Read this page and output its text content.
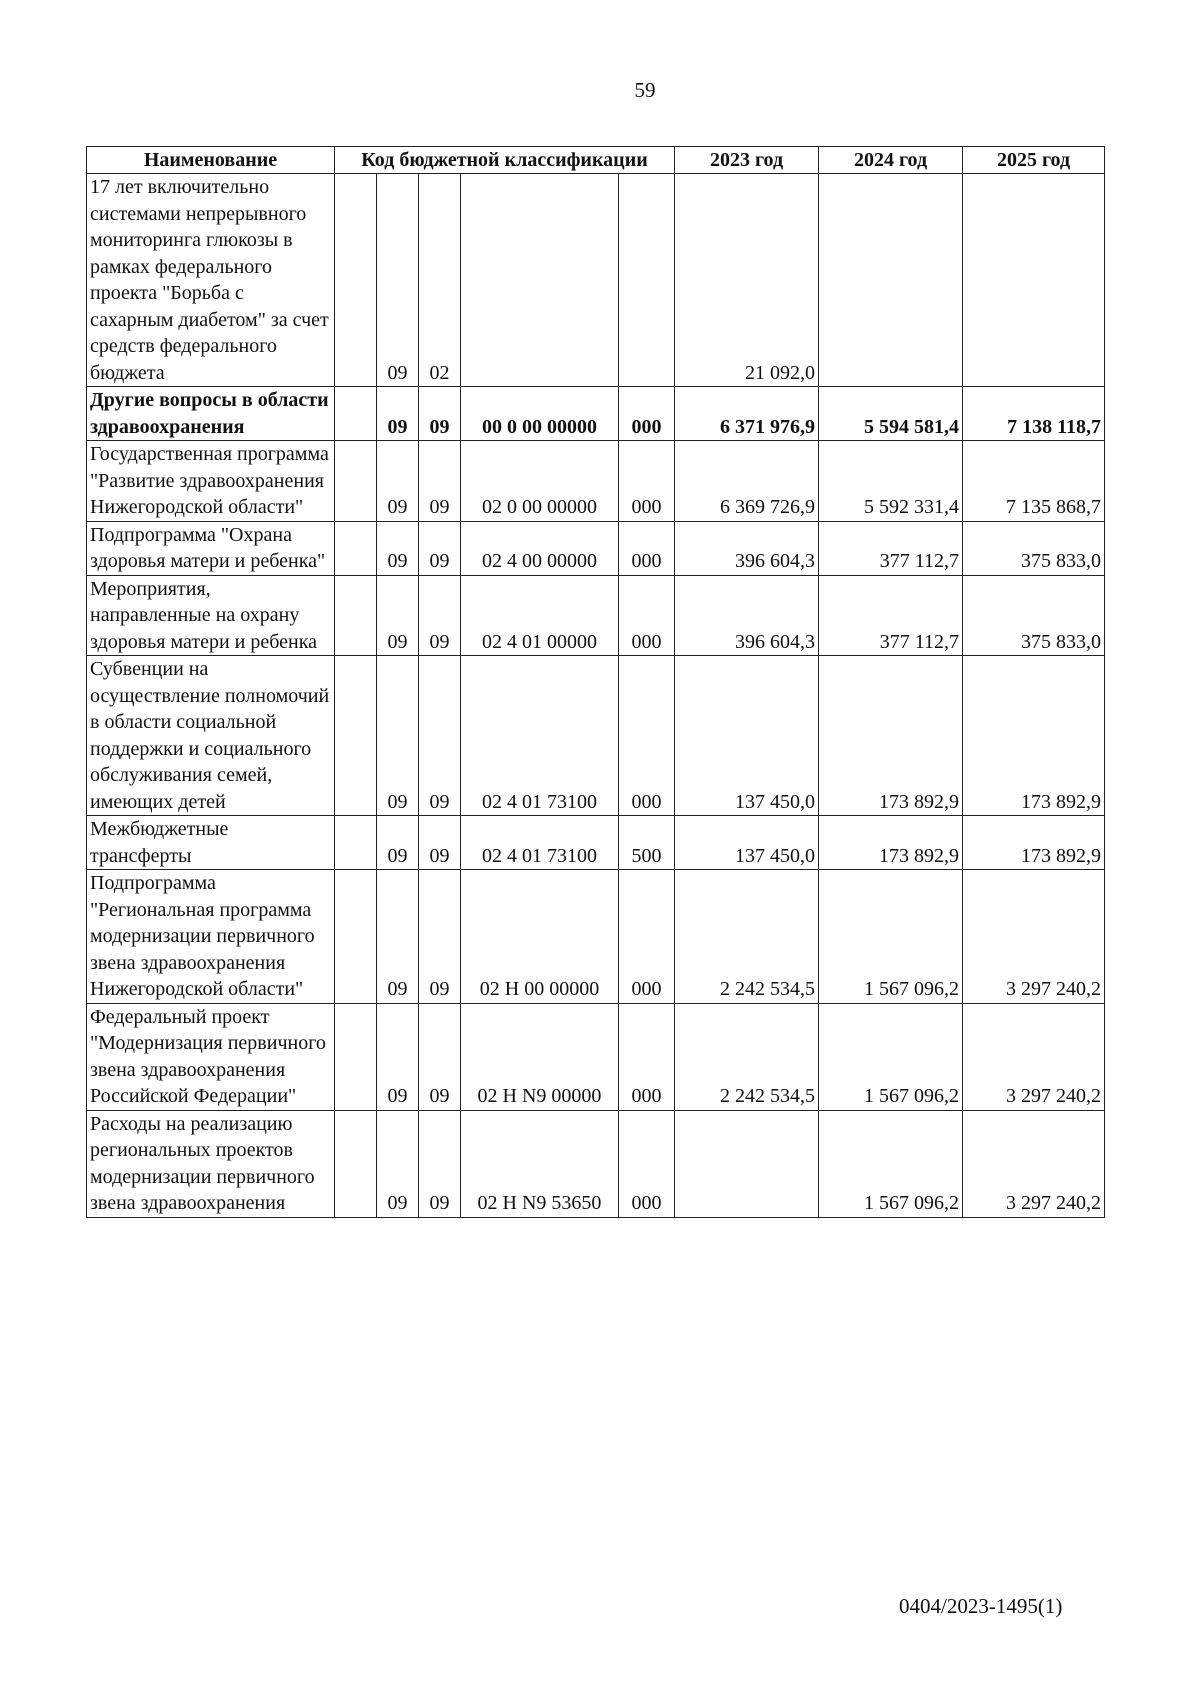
59
Наименование	Код бюджетной классификации					2023 год	2024 год	2025 год
17 лет включительно системами непрерывного мониторинга глюкозы в рамках федерального проекта "Борьба с сахарным диабетом" за счет средств федерального бюджета		09	02			21 092,0		
Другие вопросы в области здравоохранения		09	09	00 0 00 00000	000	6 371 976,9	5 594 581,4	7 138 118,7
Государственная программа "Развитие здравоохранения Нижегородской области"		09	09	02 0 00 00000	000	6 369 726,9	5 592 331,4	7 135 868,7
Подпрограмма "Охрана здоровья матери и ребенка"		09	09	02 4 00 00000	000	396 604,3	377 112,7	375 833,0
Мероприятия, направленные на охрану здоровья матери и ребенка		09	09	02 4 01 00000	000	396 604,3	377 112,7	375 833,0
Субвенции на осуществление полномочий в области социальной поддержки и социального обслуживания семей, имеющих детей		09	09	02 4 01 73100	000	137 450,0	173 892,9	173 892,9
Межбюджетные трансферты		09	09	02 4 01 73100	500	137 450,0	173 892,9	173 892,9
Подпрограмма "Региональная программа модернизации первичного звена здравоохранения Нижегородской области"		09	09	02 Н 00 00000	000	2 242 534,5	1 567 096,2	3 297 240,2
Федеральный проект "Модернизация первичного звена здравоохранения Российской Федерации"		09	09	02 Н N9 00000	000	2 242 534,5	1 567 096,2	3 297 240,2
Расходы на реализацию региональных проектов модернизации первичного звена здравоохранения		09	09	02 Н N9 53650	000		1 567 096,2	3 297 240,2
0404/2023-1495(1)
